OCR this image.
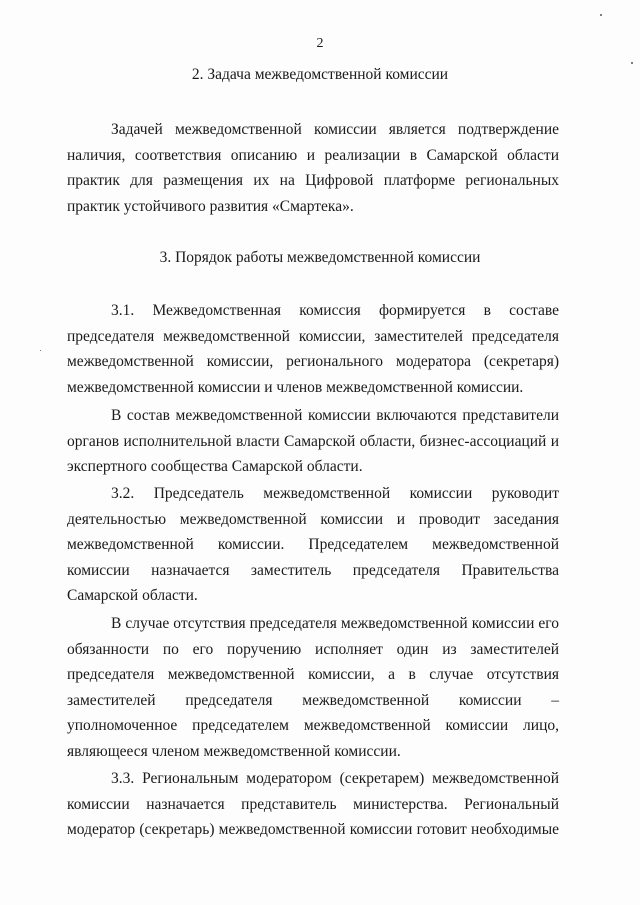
2
2. Задача межведомственной комиссии
Задачей межведомственной комиссии является подтверждение наличия, соответствия описанию и реализации в Самарской области практик для размещения их на Цифровой платформе региональных практик устойчивого развития «Смартека».
3. Порядок работы межведомственной комиссии
3.1. Межведомственная комиссия формируется в составе председателя межведомственной комиссии, заместителей председателя межведомственной комиссии, регионального модератора (секретаря) межведомственной комиссии и членов межведомственной комиссии.
В состав межведомственной комиссии включаются представители органов исполнительной власти Самарской области, бизнес-ассоциаций и экспертного сообщества Самарской области.
3.2. Председатель межведомственной комиссии руководит деятельностью межведомственной комиссии и проводит заседания межведомственной комиссии. Председателем межведомственной комиссии назначается заместитель председателя Правительства Самарской области.
В случае отсутствия председателя межведомственной комиссии его обязанности по его поручению исполняет один из заместителей председателя межведомственной комиссии, а в случае отсутствия заместителей председателя межведомственной комиссии – уполномоченное председателем межведомственной комиссии лицо, являющееся членом межведомственной комиссии.
3.3. Региональным модератором (секретарем) межведомственной комиссии назначается представитель министерства. Региональный модератор (секретарь) межведомственной комиссии готовит необходимые
